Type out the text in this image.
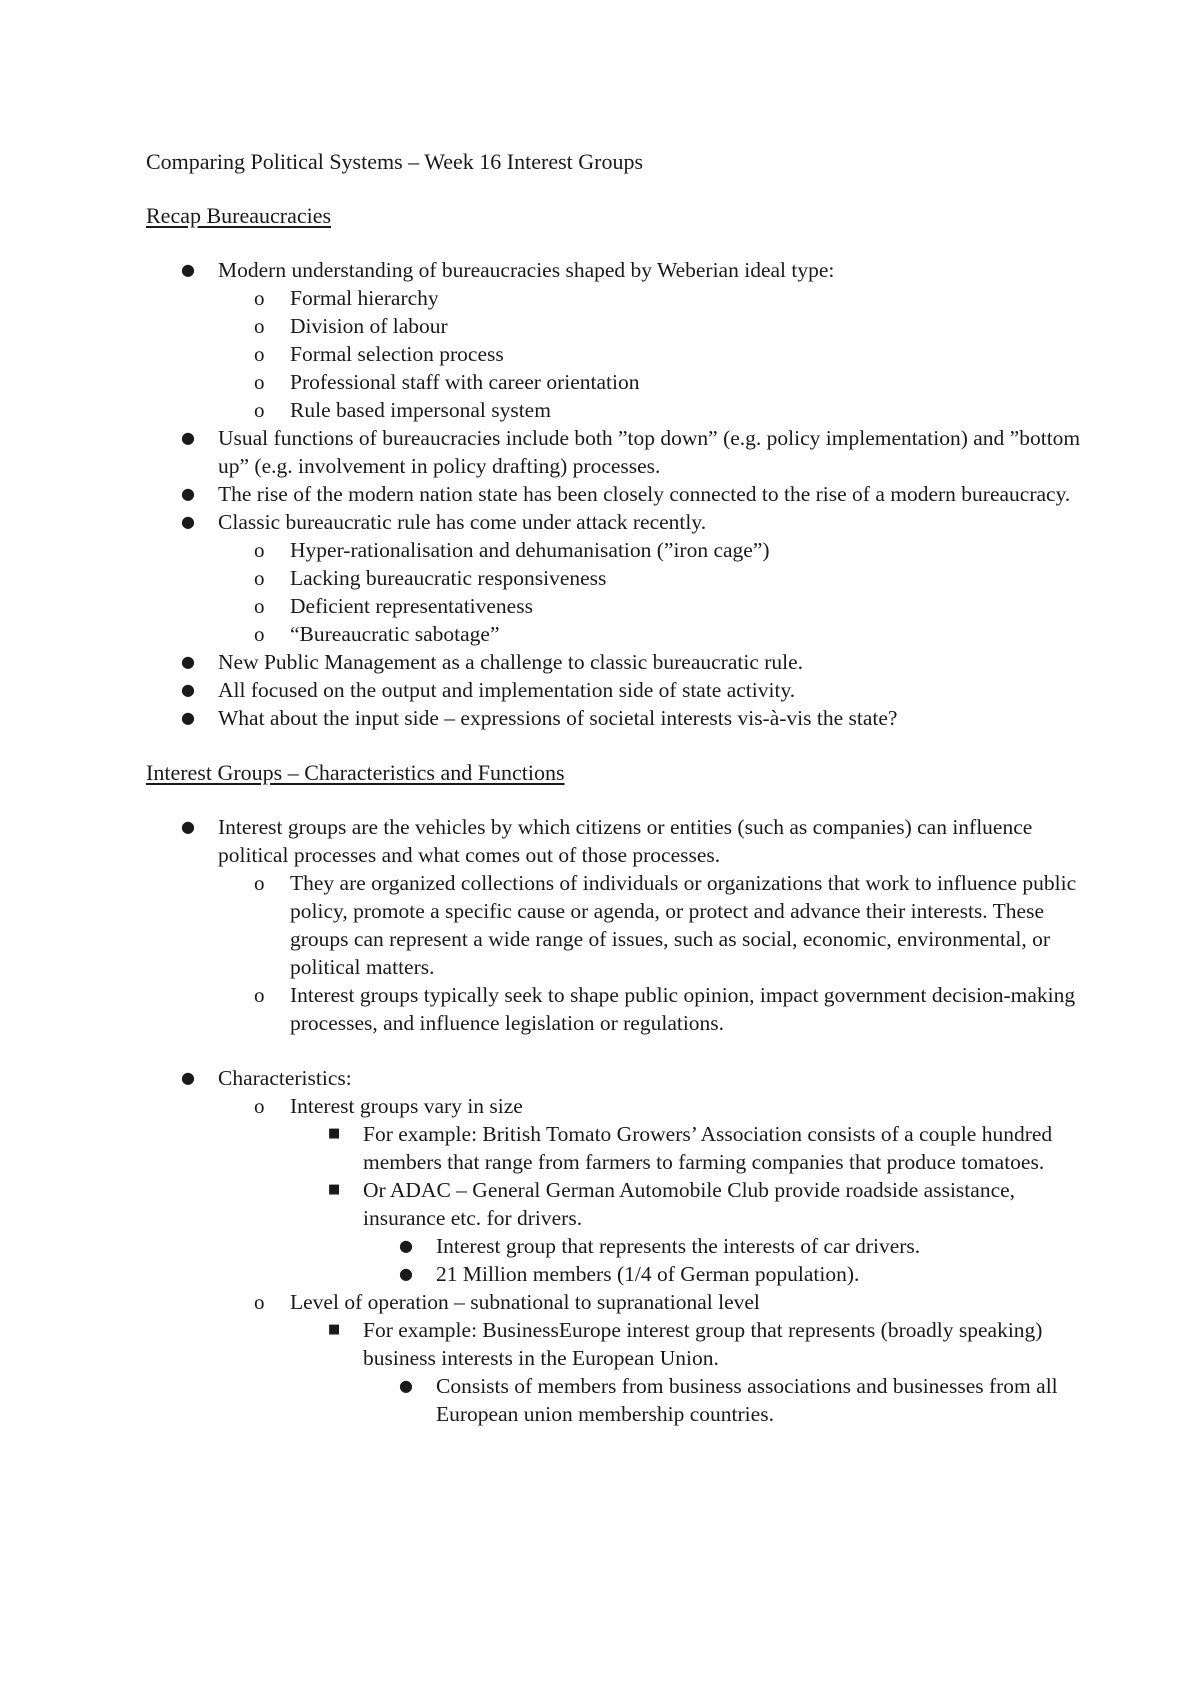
Comparing Political Systems – Week 16 Interest Groups

Recap Bureaucracies

● Modern understanding of bureaucracies shaped by Weberian ideal type:
o Formal hierarchy
o Division of labour
o Formal selection process
o Professional staff with career orientation
o Rule based impersonal system
● Usual functions of bureaucracies include both ”top down” (e.g. policy implementation) and ”bottom up” (e.g. involvement in policy drafting) processes.
● The rise of the modern nation state has been closely connected to the rise of a modern bureaucracy.
● Classic bureaucratic rule has come under attack recently.
o Hyper-rationalisation and dehumanisation (”iron cage”)
o Lacking bureaucratic responsiveness
o Deficient representativeness
o “Bureaucratic sabotage”
● New Public Management as a challenge to classic bureaucratic rule.
● All focused on the output and implementation side of state activity.
● What about the input side – expressions of societal interests vis-à-vis the state?

Interest Groups – Characteristics and Functions

● Interest groups are the vehicles by which citizens or entities (such as companies) can influence political processes and what comes out of those processes.
o They are organized collections of individuals or organizations that work to influence public policy, promote a specific cause or agenda, or protect and advance their interests. These groups can represent a wide range of issues, such as social, economic, environmental, or political matters.
o Interest groups typically seek to shape public opinion, impact government decision-making processes, and influence legislation or regulations.
● Characteristics:
o Interest groups vary in size
■ For example: British Tomato Growers’ Association consists of a couple hundred members that range from farmers to farming companies that produce tomatoes.
■ Or ADAC – General German Automobile Club provide roadside assistance, insurance etc. for drivers.
● Interest group that represents the interests of car drivers.
● 21 Million members (1/4 of German population).
o Level of operation – subnational to supranational level
■ For example: BusinessEurope interest group that represents (broadly speaking) business interests in the European Union.
● Consists of members from business associations and businesses from all European union membership countries.
